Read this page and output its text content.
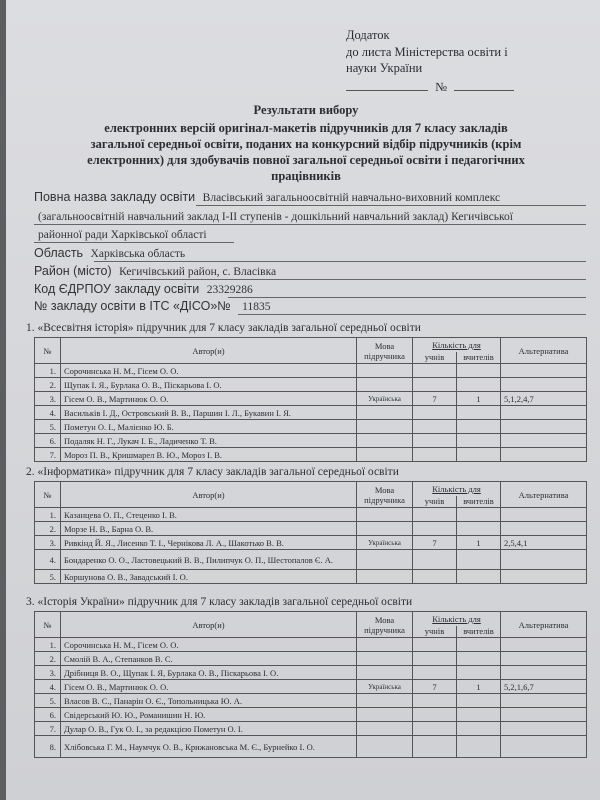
Додаток
до листа Міністерства освіти і
науки України
№
Результати вибору
електронних версій оригінал-макетів підручників для 7 класу закладів
загальної середньої освіти, поданих на конкурсний відбір підручників (крім
електронних) для здобувачів повної загальної середньої освіти і педагогічних
працівників
Повна назва закладу освіти Власівський загальноосвітній навчально-виховний комплекс
(загальноосвітній навчальний заклад І-ІІ ступенів - дошкільний навчальний заклад) Кегичівської
районної ради Харківської області
Область Харківська область
Район (місто) Кегичівський район, с. Власівка
Код ЄДРПОУ закладу освіти 23329286
№ закладу освіти в ІТС «ДІСО»№ 11835
1. «Всесвітня історія» підручник для 7 класу закладів загальної середньої освіти
№	Автор(и)	Мова
підручника	Кількість для		Альтернатива
			учнів	вчителів	
1.	Сорочинська Н. М., Гісем О. О.				
2.	Щупак І. Я., Бурлака О. В., Піскарьова І. О.				
3.	Гісем О. В., Мартинюк О. О.	Українська	7	1	5,1,2,4,7
4.	Васильків І. Д., Островський В. В., Паршин І. Л., Букавин І. Я.				
5.	Пометун О. І., Малієнко Ю. Б.				
6.	Подаляк Н. Г., Лукач І. Б., Ладиченко Т. В.				
7.	Мороз П. В., Кришмарел В. Ю., Мороз І. В.				
2. «Інформатика» підручник для 7 класу закладів загальної середньої освіти
№	Автор(и)	Мова
підручника	Кількість для		Альтернатива
			учнів	вчителів	
1.	Казанцева О. П., Стеценко І. В.				
2.	Морзе Н. В., Барна О. В.				
3.	Ривкінд Й. Я., Лисенко Т. І., Чернікова Л. А., Шакотько В. В.	Українська	7	1	2,5,4,1
4.	Бондаренко О. О., Ластовецький В. В., Пилипчук О. П., Шестопалов Є. А.				
5.	Коршунова О. В., Завадський І. О.				
3. «Історія України» підручник для 7 класу закладів загальної середньої освіти
№	Автор(и)	Мова
підручника	Кількість для		Альтернатива
			учнів	вчителів	
1.	Сорочинська Н. М., Гісем О. О.				
2.	Смолій В. А., Степанков В. С.				
3.	Дрібниця В. О., Щупак І. Я, Бурлака О. В., Піскарьова І. О.				
4.	Гісем О. В., Мартинюк О. О.	Українська	7	1	5,2,1,6,7
5.	Власов В. С., Панарін О. Є., Топольницька Ю. А.				
6.	Свідерський Ю. Ю., Романишин Н. Ю.				
7.	Дулар О. В., Гук О. І., за редакцією Пометун О. І.				
8.	Хлібовська Г. М., Наумчук О. В., Крижановська М. Є., Бурнейко І. О.				
